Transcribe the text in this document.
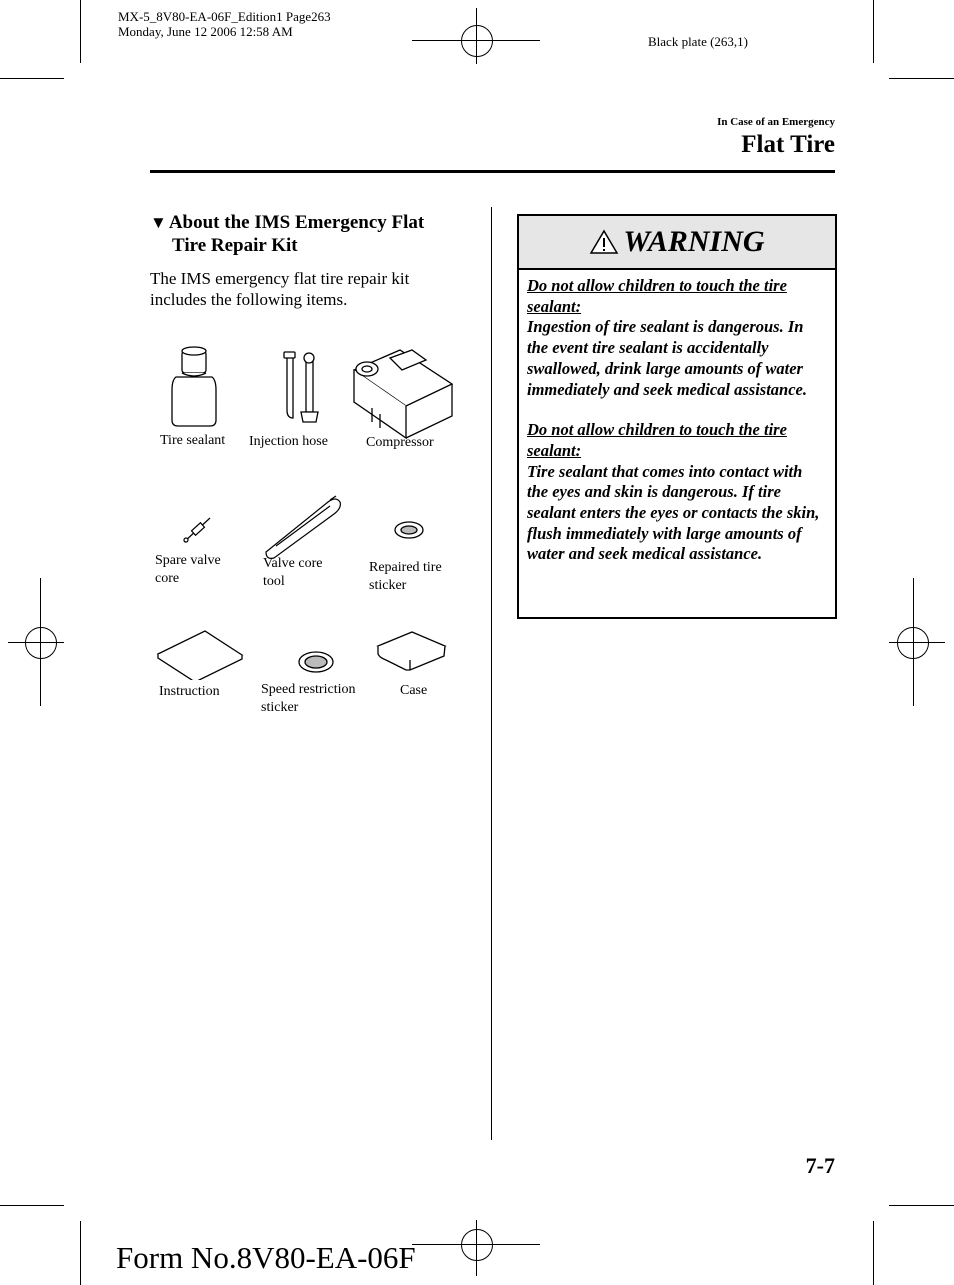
MX-5_8V80-EA-06F_Edition1 Page263
Monday, June 12 2006 12:58 AM
Black plate (263,1)
In Case of an Emergency
Flat Tire
▼ About the IMS Emergency Flat
Tire Repair Kit
The IMS emergency flat tire repair kit
includes the following items.
Tire sealant Injection hose	Compressor
Spare valve
core
Valve core
tool
Repaired tire
sticker
Instruction	Speed restriction
sticker
Case
WARNING

Do not allow children to touch the tire sealant:
Ingestion of tire sealant is dangerous. In the event tire sealant is accidentally swallowed, drink large amounts of water immediately and seek medical assistance.

Do not allow children to touch the tire sealant:
Tire sealant that comes into contact with the eyes and skin is dangerous. If tire sealant enters the eyes or contacts the skin, flush immediately with large amounts of water and seek medical assistance.

7-7
Form No.8V80-EA-06F
